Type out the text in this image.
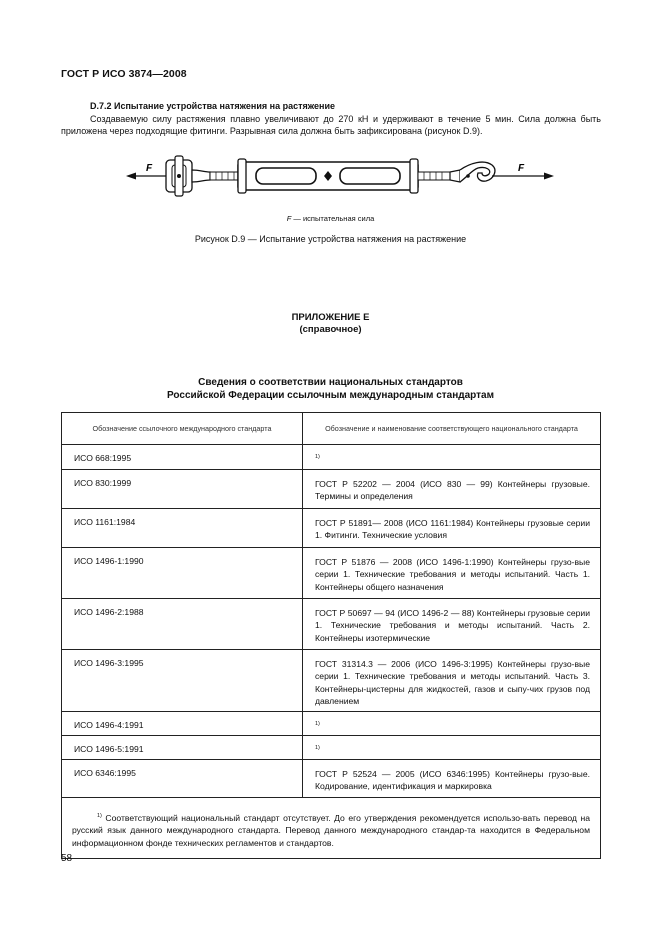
ГОСТ Р ИСО 3874—2008
D.7.2 Испытание устройства натяжения на растяжение
Создаваемую силу растяжения плавно увеличивают до 270 кН и удерживают в течение 5 мин. Сила должна быть приложена через подходящие фитинги. Разрывная сила должна быть зафиксирована (рисунок D.9).
F	F
F — испытательная сила
Рисунок D.9 — Испытание устройства натяжения на растяжение
ПРИЛОЖЕНИЕ Е
(справочное)
Сведения о соответствии национальных стандартов
Российской Федерации ссылочным международным стандартам
Обозначение ссылочного международного стандарта	Обозначение и наименование соответствующего национального стандарта
ИСО 668:1995	$^{1)}$
ИСО 830:1999	ГОСТ Р 52202 — 2004 (ИСО 830 — 99) Контейнеры грузовые. Термины и определения
ИСО 1161:1984	ГОСТ Р 51891— 2008 (ИСО 1161:1984) Контейнеры грузовые серии 1. Фитинги. Технические условия
ИСО 1496-1:1990	ГОСТ Р 51876 — 2008 (ИСО 1496-1:1990) Контейнеры грузо-вые серии 1. Технические требования и методы испытаний. Часть 1. Контейнеры общего назначения
ИСО 1496-2:1988	ГОСТ Р 50697 — 94 (ИСО 1496-2 — 88) Контейнеры грузовые серии 1. Технические требования и методы испытаний. Часть 2. Контейнеры изотермические
ИСО 1496-3:1995	ГОСТ 31314.3 — 2006 (ИСО 1496-3:1995) Контейнеры грузо-вые серии 1. Технические требования и методы испытаний. Часть 3. Контейнеры-цистерны для жидкостей, газов и сыпу-чих грузов под давлением
ИСО 1496-4:1991	$^{1)}$
ИСО 1496-5:1991	$^{1)}$
ИСО 6346:1995	ГОСТ Р 52524 — 2005 (ИСО 6346:1995) Контейнеры грузо-вые. Кодирование, идентификация и маркировка
$^{1)}$ Соответствующий национальный стандарт отсутствует. До его утверждения рекомендуется использо-вать перевод на русский язык данного международного стандарта. Перевод данного международного стандар-та находится в Федеральном информационном фонде технических регламентов и стандартов.	
58
